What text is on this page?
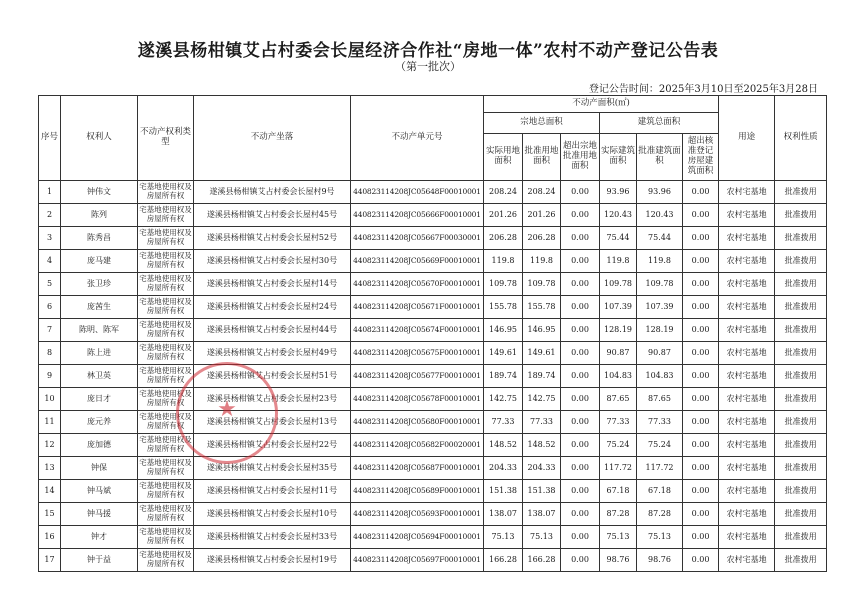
遂溪县杨柑镇艾占村委会长屋经济合作社“房地一体”农村不动产登记公告表
（第一批次）
登记公告时间：2025年3月10日至2025年3月28日
序号	权利人	不动产权利类型	不动产坐落	不动产单元号	不动产面积(㎡)						用途	权利性质
					宗地总面积			建筑总面积				
					实际用地面积	批准用地面积	超出宗地批准用地面积	实际建筑面积	批准建筑面积	超出核准登记房屋建筑面积		
1	钟伟文	宅基地使用权及房屋所有权	遂溪县杨柑镇艾占村委会长屋村9号	440823114208JC05648F00010001	208.24	208.24	0.00	93.96	93.96	0.00	农村宅基地	批准拨用
2	陈列	宅基地使用权及房屋所有权	遂溪县杨柑镇艾占村委会长屋村45号	440823114208JC05666F00010001	201.26	201.26	0.00	120.43	120.43	0.00	农村宅基地	批准拨用
3	陈秀昌	宅基地使用权及房屋所有权	遂溪县杨柑镇艾占村委会长屋村52号	440823114208JC05667F00030001	206.28	206.28	0.00	75.44	75.44	0.00	农村宅基地	批准拨用
4	庞马建	宅基地使用权及房屋所有权	遂溪县杨柑镇艾占村委会长屋村30号	440823114208JC05669F00010001	119.8	119.8	0.00	119.8	119.8	0.00	农村宅基地	批准拨用
5	张卫珍	宅基地使用权及房屋所有权	遂溪县杨柑镇艾占村委会长屋村14号	440823114208JC05670F00010001	109.78	109.78	0.00	109.78	109.78	0.00	农村宅基地	批准拨用
6	庞茜生	宅基地使用权及房屋所有权	遂溪县杨柑镇艾占村委会长屋村24号	440823114208JC05671F00010001	155.78	155.78	0.00	107.39	107.39	0.00	农村宅基地	批准拨用
7	陈明、陈军	宅基地使用权及房屋所有权	遂溪县杨柑镇艾占村委会长屋村44号	440823114208JC05674F00010001	146.95	146.95	0.00	128.19	128.19	0.00	农村宅基地	批准拨用
8	陈上进	宅基地使用权及房屋所有权	遂溪县杨柑镇艾占村委会长屋村49号	440823114208JC05675F00010001	149.61	149.61	0.00	90.87	90.87	0.00	农村宅基地	批准拨用
9	林卫英	宅基地使用权及房屋所有权	遂溪县杨柑镇艾占村委会长屋村51号	440823114208JC05677F00010001	189.74	189.74	0.00	104.83	104.83	0.00	农村宅基地	批准拨用
10	庞日才	宅基地使用权及房屋所有权	遂溪县杨柑镇艾占村委会长屋村23号	440823114208JC05678F00010001	142.75	142.75	0.00	87.65	87.65	0.00	农村宅基地	批准拨用
11	庞元养	宅基地使用权及房屋所有权	遂溪县杨柑镇艾占村委会长屋村13号	440823114208JC05680F00010001	77.33	77.33	0.00	77.33	77.33	0.00	农村宅基地	批准拨用
12	庞加德	宅基地使用权及房屋所有权	遂溪县杨柑镇艾占村委会长屋村22号	440823114208JC05682F00020001	148.52	148.52	0.00	75.24	75.24	0.00	农村宅基地	批准拨用
13	钟保	宅基地使用权及房屋所有权	遂溪县杨柑镇艾占村委会长屋村35号	440823114208JC05687F00010001	204.33	204.33	0.00	117.72	117.72	0.00	农村宅基地	批准拨用
14	钟马斌	宅基地使用权及房屋所有权	遂溪县杨柑镇艾占村委会长屋村11号	440823114208JC05689F00010001	151.38	151.38	0.00	67.18	67.18	0.00	农村宅基地	批准拨用
15	钟马援	宅基地使用权及房屋所有权	遂溪县杨柑镇艾占村委会长屋村10号	440823114208JC05693F00010001	138.07	138.07	0.00	87.28	87.28	0.00	农村宅基地	批准拨用
16	钟才	宅基地使用权及房屋所有权	遂溪县杨柑镇艾占村委会长屋村33号	440823114208JC05694F00010001	75.13	75.13	0.00	75.13	75.13	0.00	农村宅基地	批准拨用
17	钟于益	宅基地使用权及房屋所有权	遂溪县杨柑镇艾占村委会长屋村19号	440823114208JC05697F00010001	166.28	166.28	0.00	98.76	98.76	0.00	农村宅基地	批准拨用
★
